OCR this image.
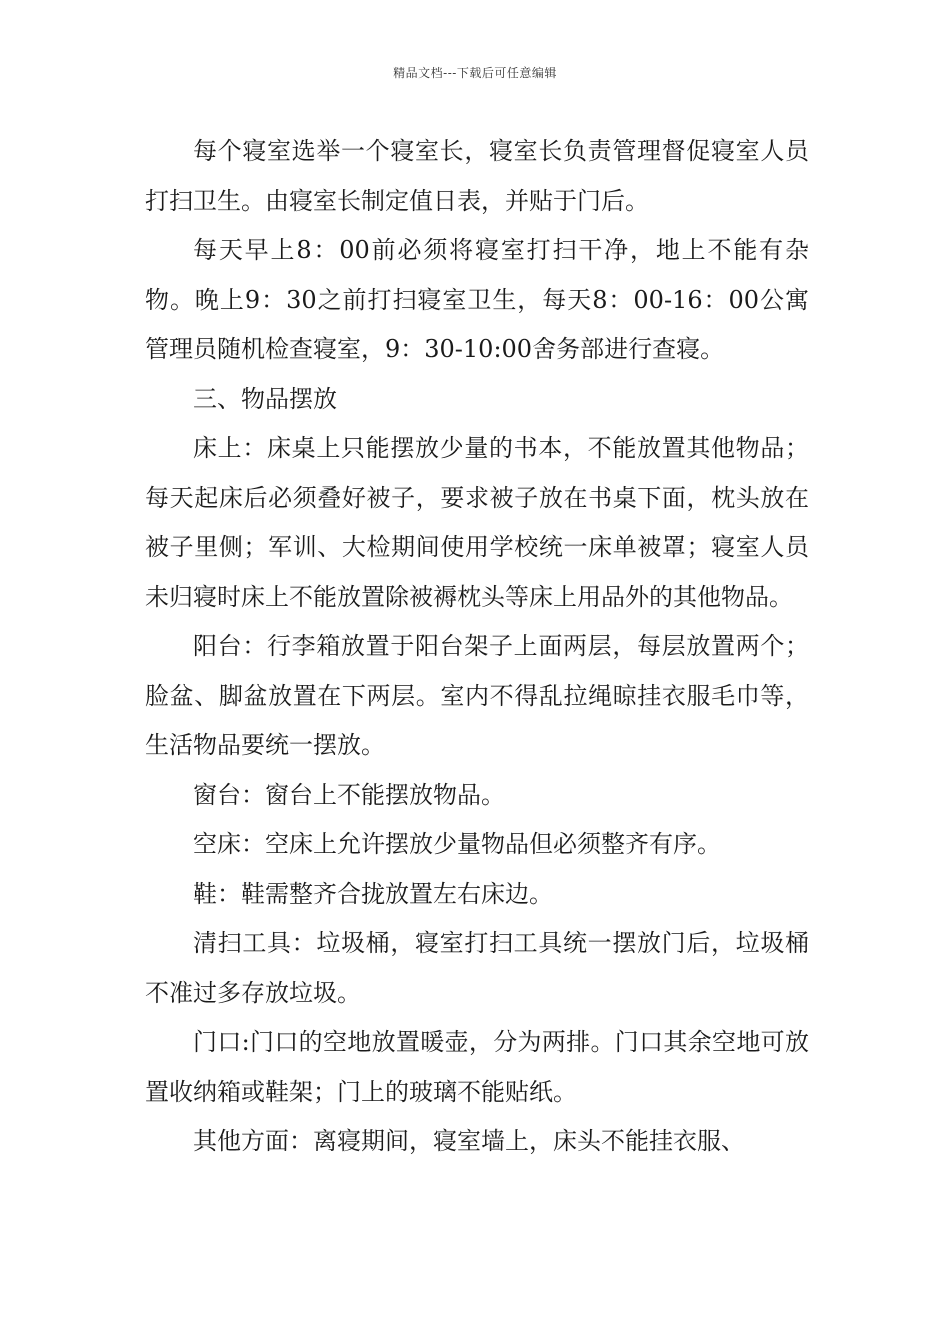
精品文档---下载后可任意编辑

每个寝室选举一个寝室长，寝室长负责管理督促寝室人员打扫卫生。由寝室长制定值日表，并贴于门后。

每天早上8：00前必须将寝室打扫干净，地上不能有杂物。晚上9：30之前打扫寝室卫生，每天8：00-16：00公寓管理员随机检查寝室，9：30-10:00舍务部进行查寝。

三、物品摆放

床上：床桌上只能摆放少量的书本，不能放置其他物品；每天起床后必须叠好被子，要求被子放在书桌下面，枕头放在被子里侧；军训、大检期间使用学校统一床单被罩；寝室人员未归寝时床上不能放置除被褥枕头等床上用品外的其他物品。

阳台：行李箱放置于阳台架子上面两层，每层放置两个；脸盆、脚盆放置在下两层。室内不得乱拉绳晾挂衣服毛巾等，生活物品要统一摆放。

窗台：窗台上不能摆放物品。

空床：空床上允许摆放少量物品但必须整齐有序。

鞋：鞋需整齐合拢放置左右床边。

清扫工具：垃圾桶，寝室打扫工具统一摆放门后，垃圾桶不准过多存放垃圾。

门口:门口的空地放置暖壶，分为两排。门口其余空地可放置收纳箱或鞋架；门上的玻璃不能贴纸。

其他方面：离寝期间，寝室墙上，床头不能挂衣服、
